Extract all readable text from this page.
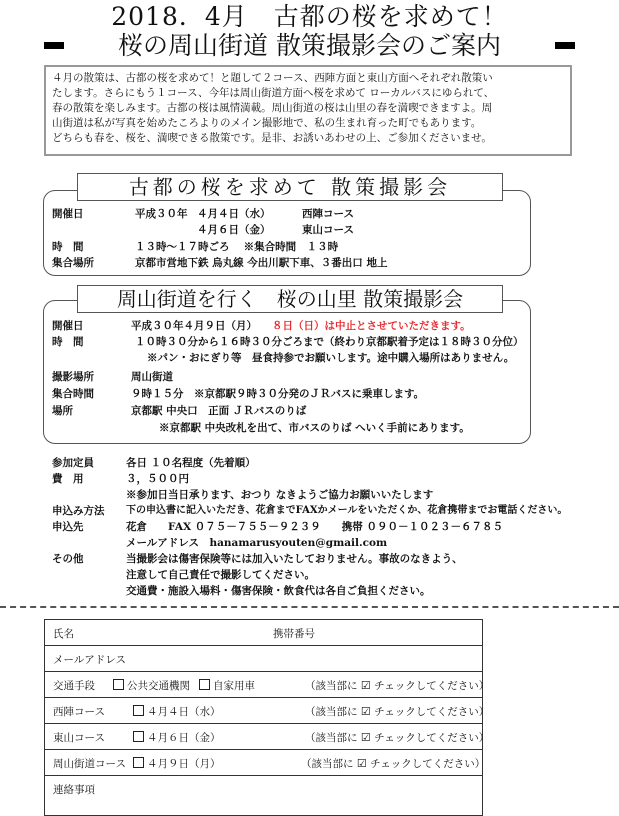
2018．4月　古都の桜を求めて！
桜の周山街道 散策撮影会のご案内
４月の散策は、古都の桜を求めて！と題して２コース、西陣方面と東山方面へそれぞれ散策い
たします。さらにもう１コース、今年は周山街道方面へ桜を求めて ローカルバスにゆられて、
春の散策を楽しみます。古都の桜は風情満載。周山街道の桜は山里の春を満喫できますよ。周
山街道は私が写真を始めたころよりのメイン撮影地で、私の生まれ育った町でもあります。
どちらも春を、桜を、満喫できる散策です。是非、お誘いあわせの上、ご参加くださいませ。
古都の桜を求めて 散策撮影会
開催日	平成３０年 ４月４日（水）	西陣コース
４月６日（金）	東山コース
時　間	１３時～１７時ごろ　 ※集合時間　１３時
集合場所	京都市営地下鉄 烏丸線 今出川駅下車、３番出口 地上
周山街道を行く　桜の山里 散策撮影会
開催日	平成３０年４月９日（月） ８日（日）は中止とさせていただきます。
時　間	１０時３０分から１６時３０分ごろまで（終わり京都駅着予定は１８時３０分位）
※パン・おにぎり等　昼食持参でお願いします。途中購入場所はありません。
撮影場所	周山街道
集合時間	９時１５分　※京都駅９時３０分発のＪＲバスに乗車します。
場所	京都駅 中央口　正面 ＪＲバスのりば
※京都駅 中央改札を出て、市バスのりば へいく手前にあります。
参加定員	各日 １０名程度（先着順）
費　用	３，５００円
※参加日当日承ります、おつり なきようご協力お願いいたします
申込み方法 下の申込書に記入いただき、花倉までFAXかメールをいただくか、花倉携帯までお電話ください。
申込先	花倉　　FAX ０７５－７５５－９２３９　　携帯 ０９０－１０２３－６７８５
メールアドレス　hanamarusyouten@gmail.com
その他	当撮影会は傷害保険等には加入いたしておりません。事故のなきよう、
注意して自己責任で撮影してください。
交通費・施設入場料・傷害保険・飲食代は各自ご負担ください。
氏名	携帯番号
メールアドレス
交通手段	公共交通機関	自家用車	（該当部に ☑ チェックしてください）
西陣コース	４月４日（水）	（該当部に ☑ チェックしてください）
東山コース	４月６日（金）	（該当部に ☑ チェックしてください）
周山街道コース	４月９日（月）	（該当部に ☑ チェックしてください）
連絡事項
